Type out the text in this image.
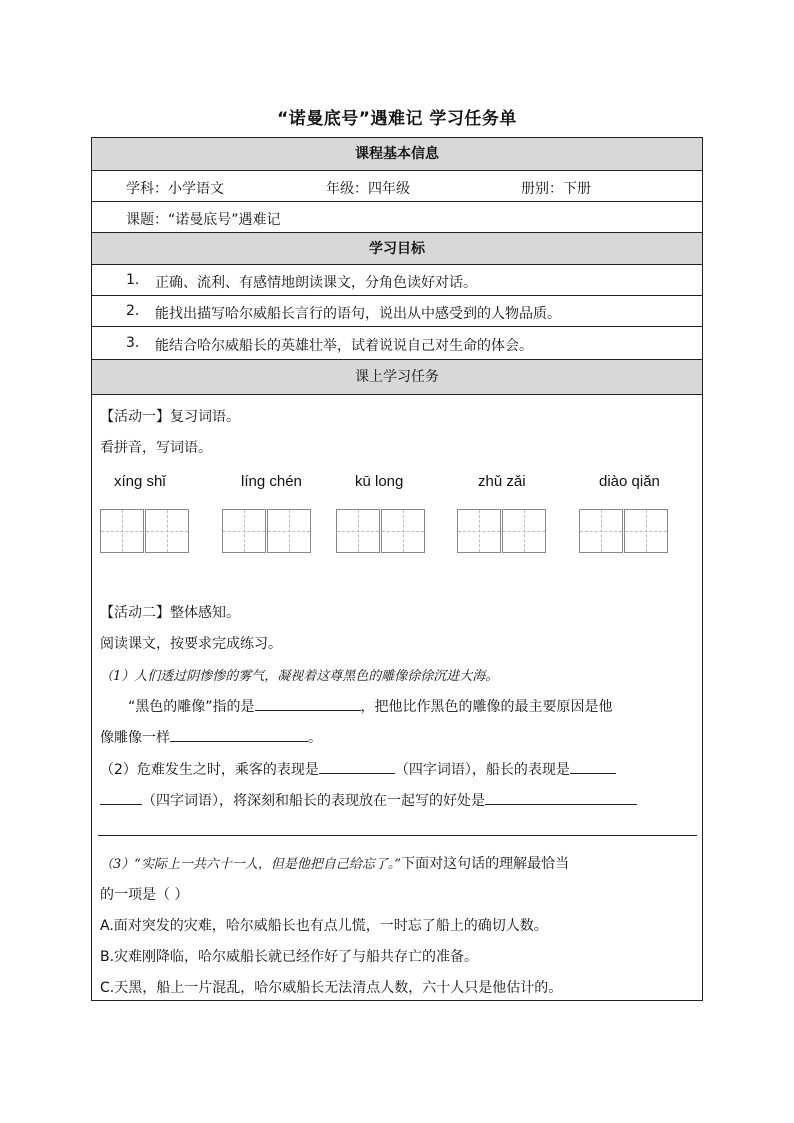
“诺曼底号”遇难记 学习任务单
课程基本信息
学科：小学语文	年级：四年级	册别：下册
课题：“诺曼底号”遇难记
学习目标
1. 正确、流利、有感情地朗读课文，分角色读好对话。
2. 能找出描写哈尔威船长言行的语句，说出从中感受到的人物品质。
3. 能结合哈尔威船长的英雄壮举，试着说说自己对生命的体会。
课上学习任务
【活动一】复习词语。
看拼音，写词语。
xíng shǐ	líng chén	kū long	zhǔ zǎi	diào qiǎn
【活动二】整体感知。
阅读课文，按要求完成练习。
（1）人们透过阴惨惨的雾气，凝视着这尊黑色的雕像徐徐沉进大海。
“黑色的雕像”指的是	，把他比作黑色的雕像的最主要原因是他
像雕像一样	。
（2）危难发生之时，乘客的表现是	（四字词语），船长的表现是
（四字词语），将深刻和船长的表现放在一起写的好处是
（3）“实际上一共六十一人，但是他把自己给忘了。”下面对这句话的理解最恰当
的一项是（ ）
A.面对突发的灾难，哈尔威船长也有点儿慌，一时忘了船上的确切人数。
B.灾难刚降临，哈尔威船长就已经作好了与船共存亡的准备。
C.天黑，船上一片混乱，哈尔威船长无法清点人数，六十人只是他估计的。
